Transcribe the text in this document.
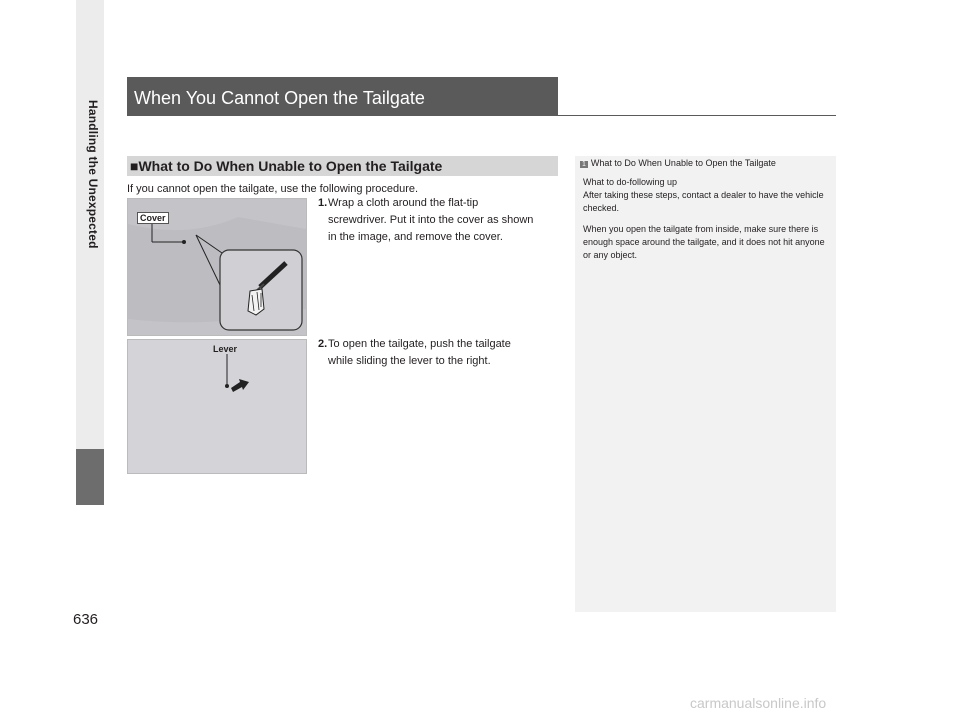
Handling the Unexpected
When You Cannot Open the Tailgate
■What to Do When Unable to Open the Tailgate
If you cannot open the tailgate, use the following procedure.
1. Wrap a cloth around the flat-tip
screwdriver. Put it into the cover as shown
in the image, and remove the cover.
2. To open the tailgate, push the tailgate
while sliding the lever to the right.
Cover
Lever
1 What to Do When Unable to Open the Tailgate

What to do-following up

After taking these steps, contact a dealer to have the vehicle checked.

When you open the tailgate from inside, make sure there is enough space around the tailgate, and it does not hit anyone or any object.

636
carmanualsonline.info
